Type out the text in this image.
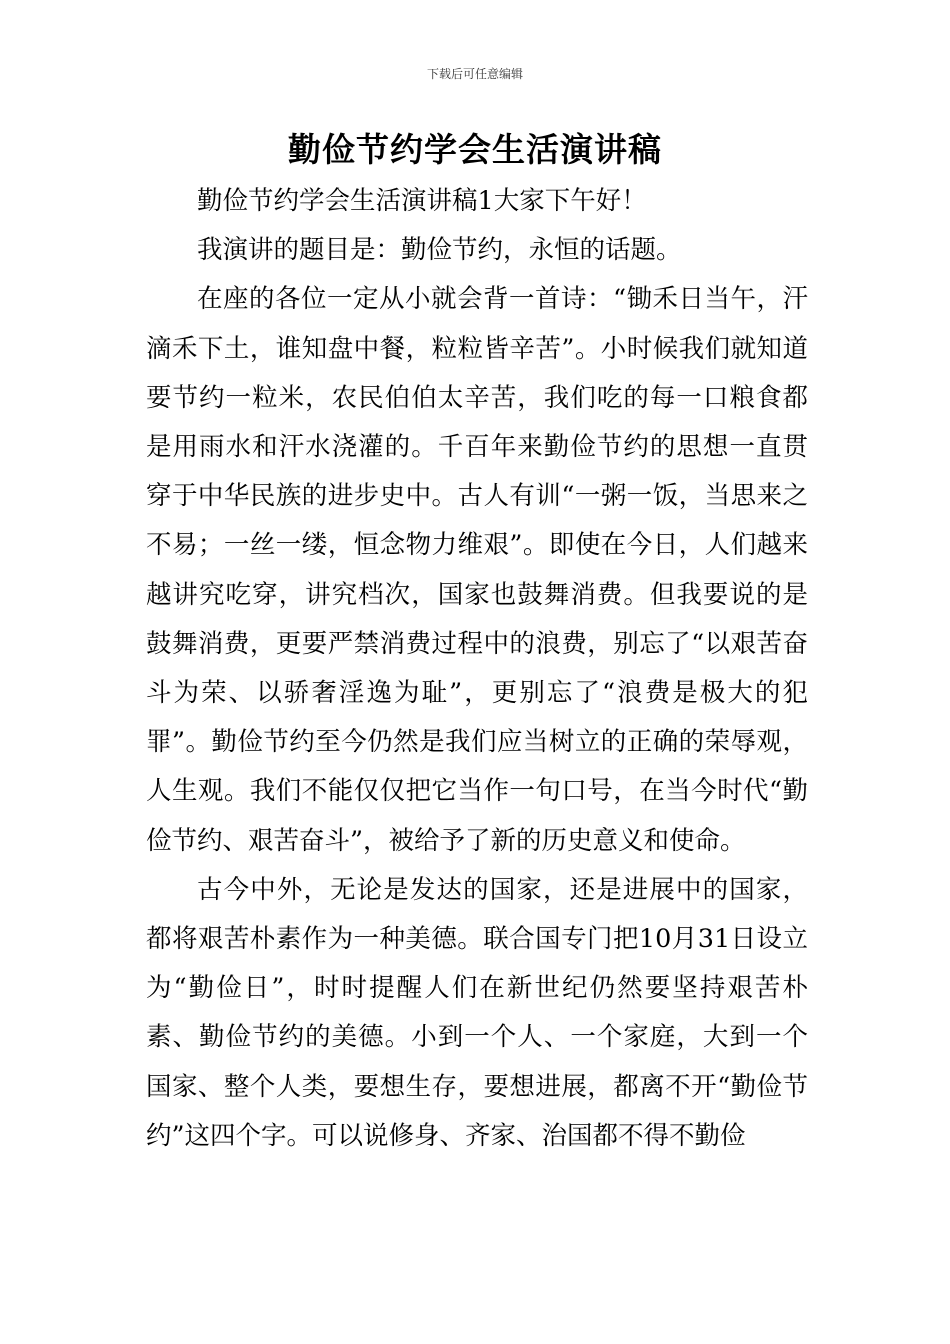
下载后可任意编辑
勤俭节约学会生活演讲稿

勤俭节约学会生活演讲稿1大家下午好！

我演讲的题目是：勤俭节约，永恒的话题。

在座的各位一定从小就会背一首诗：“锄禾日当午，汗滴禾下土，谁知盘中餐，粒粒皆辛苦”。小时候我们就知道要节约一粒米，农民伯伯太辛苦，我们吃的每一口粮食都是用雨水和汗水浇灌的。千百年来勤俭节约的思想一直贯穿于中华民族的进步史中。古人有训“一粥一饭，当思来之不易；一丝一缕，恒念物力维艰”。即使在今日，人们越来越讲究吃穿，讲究档次，国家也鼓舞消费。但我要说的是鼓舞消费，更要严禁消费过程中的浪费，别忘了“以艰苦奋斗为荣、以骄奢淫逸为耻”，更别忘了“浪费是极大的犯罪”。勤俭节约至今仍然是我们应当树立的正确的荣辱观，人生观。我们不能仅仅把它当作一句口号，在当今时代“勤俭节约、艰苦奋斗”，被给予了新的历史意义和使命。

古今中外，无论是发达的国家，还是进展中的国家，都将艰苦朴素作为一种美德。联合国专门把10月31日设立为“勤俭日”，时时提醒人们在新世纪仍然要坚持艰苦朴素、勤俭节约的美德。小到一个人、一个家庭，大到一个国家、整个人类，要想生存，要想进展，都离不开“勤俭节约”这四个字。可以说修身、齐家、治国都不得不勤俭
